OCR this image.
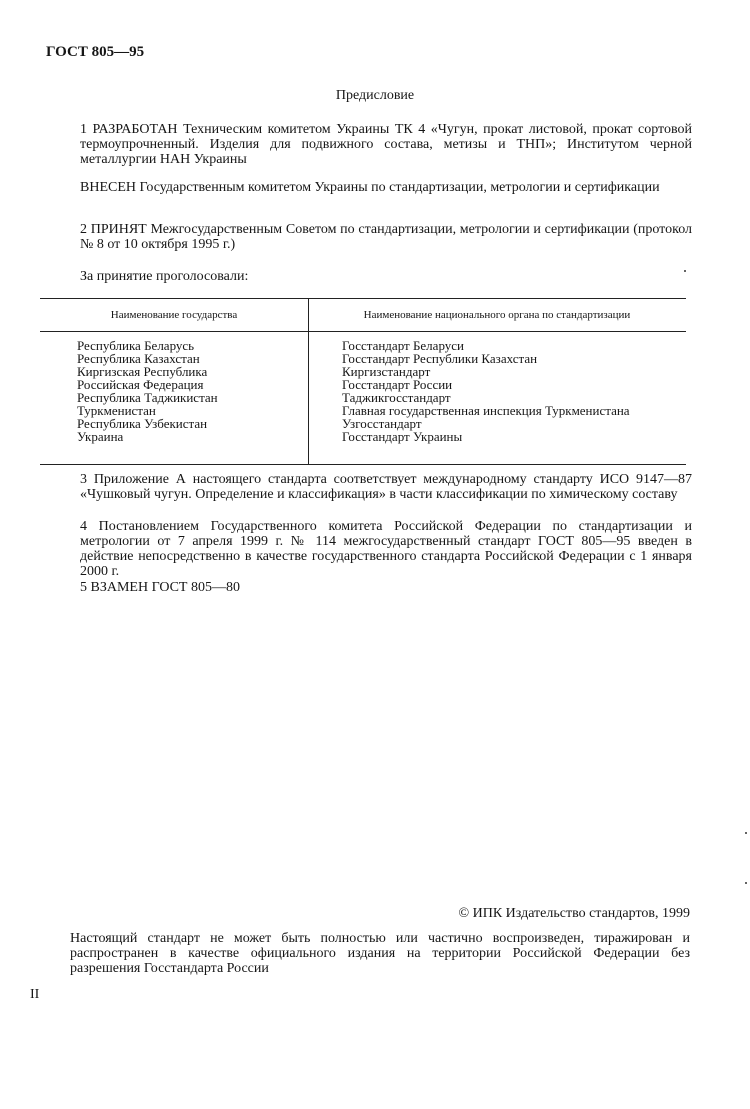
ГОСТ 805—95
Предисловие
1 РАЗРАБОТАН Техническим комитетом Украины ТК 4 «Чугун, прокат листовой, прокат сортовой термоупрочненный. Изделия для подвижного состава, метизы и ТНП»; Институтом черной металлургии НАН Украины
ВНЕСЕН Государственным комитетом Украины по стандартизации, метрологии и сертификации
2 ПРИНЯТ Межгосударственным Советом по стандартизации, метрологии и сертификации (протокол № 8 от 10 октября 1995 г.)
За принятие проголосовали:
Наименование государства	Наименование национального органа по стандартизации
Республика Беларусь
Республика Казахстан
Киргизская Республика
Российская Федерация
Республика Таджикистан
Туркменистан
Республика Узбекистан
Украина
Госстандарт Беларуси
Госстандарт Республики Казахстан
Киргизстандарт
Госстандарт России
Таджикгосстандарт
Главная государственная инспекция Туркменистана
Узгосстандарт
Госстандарт Украины
3 Приложение А настоящего стандарта соответствует международному стандарту ИСО 9147—87 «Чушковый чугун. Определение и классификация» в части классификации по химическому составу
4 Постановлением Государственного комитета Российской Федерации по стандартизации и метрологии от 7 апреля 1999 г. № 114 межгосударственный стандарт ГОСТ 805—95 введен в действие непосредственно в качестве государственного стандарта Российской Федерации с 1 января 2000 г.
5 ВЗАМЕН ГОСТ 805—80
© ИПК Издательство стандартов, 1999
Настоящий стандарт не может быть полностью или частично воспроизведен, тиражирован и распространен в качестве официального издания на территории Российской Федерации без разрешения Госстандарта России
II
